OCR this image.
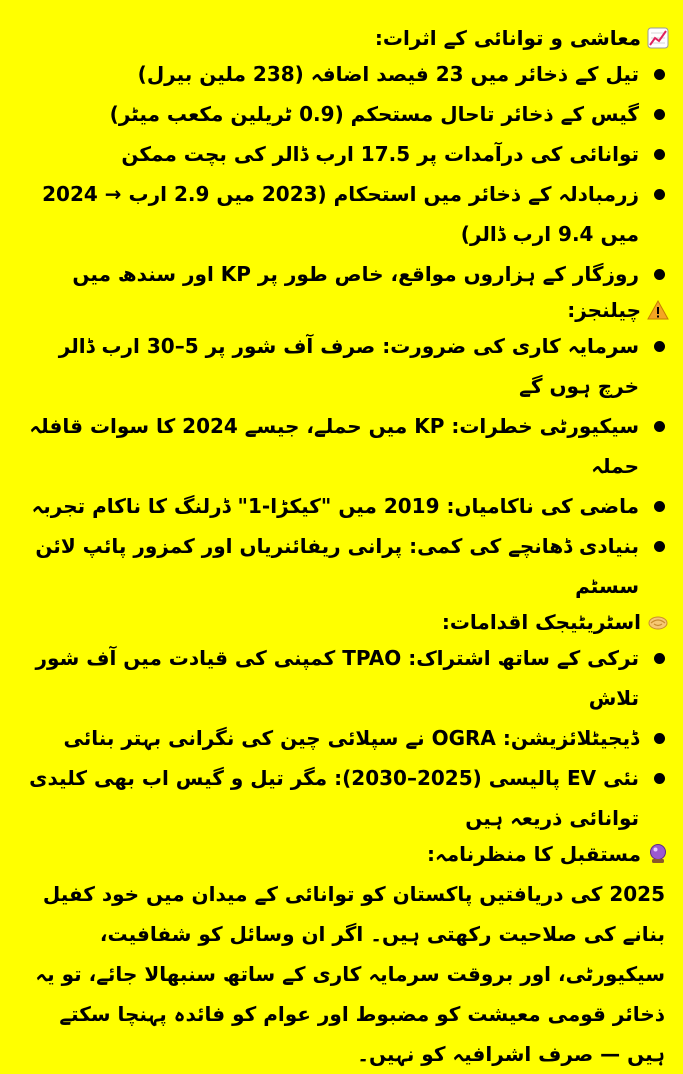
معاشی و توانائی کے اثرات:
تیل کے ذخائر میں 23 فیصد اضافہ (238 ملین بیرل)
گیس کے ذخائر تاحال مستحکم (0.9 ٹریلین مکعب میٹر)
توانائی کی درآمدات پر 17.5 ارب ڈالر کی بچت ممکن
زرمبادلہ کے ذخائر میں استحکام (2023 میں 2.9 ارب → 2024 میں 9.4 ارب ڈالر)
روزگار کے ہزاروں مواقع، خاص طور پر KP اور سندھ میں
چیلنجز:
سرمایہ کاری کی ضرورت: صرف آف شور پر 5–30 ارب ڈالر خرچ ہوں گے
سیکیورٹی خطرات: KP میں حملے، جیسے 2024 کا سوات قافلہ حملہ
ماضی کی ناکامیاں: 2019 میں "کیکڑا-1" ڈرلنگ کا ناکام تجربہ
بنیادی ڈھانچے کی کمی: پرانی ریفائنریاں اور کمزور پائپ لائن سسٹم
اسٹریٹیجک اقدامات:
ترکی کے ساتھ اشتراک: TPAO کمپنی کی قیادت میں آف شور تلاش
ڈیجیٹلائزیشن: OGRA نے سپلائی چین کی نگرانی بہتر بنائی
نئی EV پالیسی (2025–2030): مگر تیل و گیس اب بھی کلیدی توانائی ذریعہ ہیں
مستقبل کا منظرنامہ:

2025 کی دریافتیں پاکستان کو توانائی کے میدان میں خود کفیل بنانے کی صلاحیت رکھتی ہیں۔ اگر ان وسائل کو شفافیت، سیکیورٹی، اور بروقت سرمایہ کاری کے ساتھ سنبھالا جائے، تو یہ ذخائر قومی معیشت کو مضبوط اور عوام کو فائدہ پہنچا سکتے ہیں — صرف اشرافیہ کو نہیں۔
